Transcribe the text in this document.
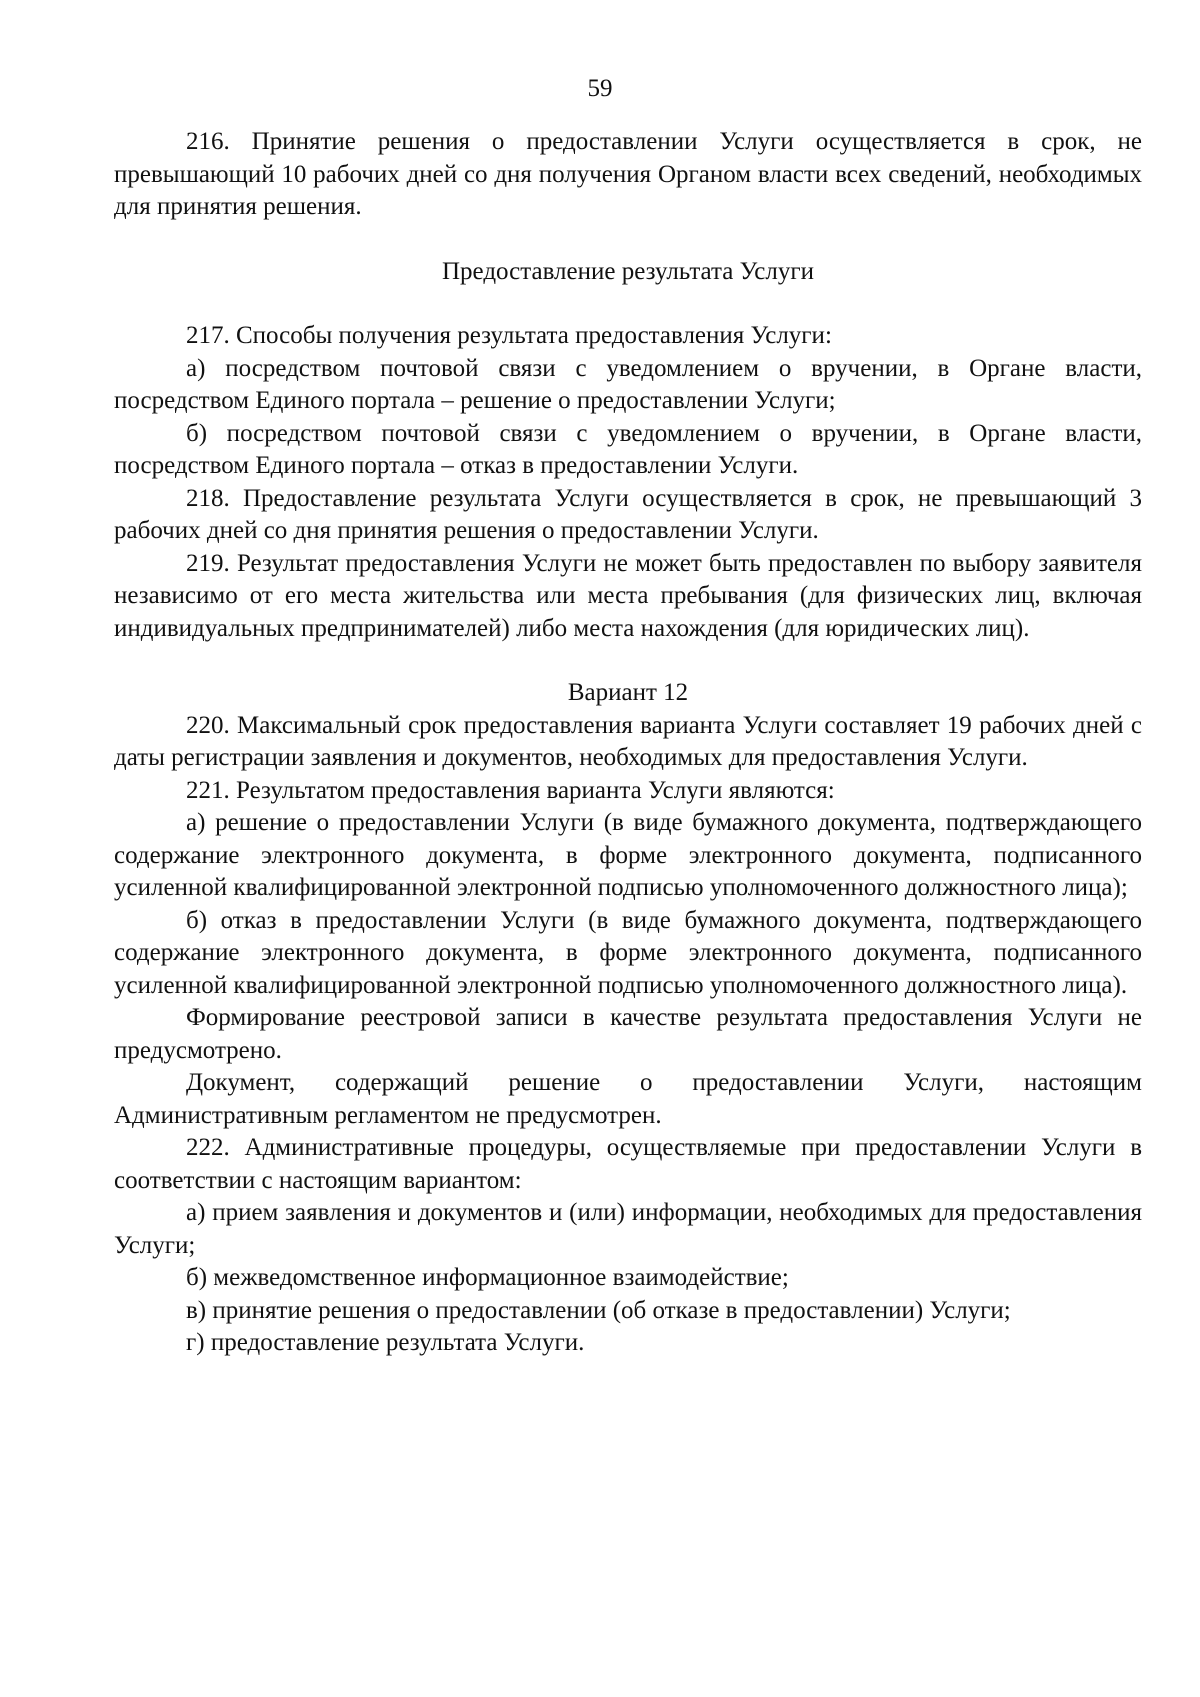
59

216. Принятие решения о предоставлении Услуги осуществляется в срок, не превышающий 10 рабочих дней со дня получения Органом власти всех сведений, необходимых для принятия решения.

Предоставление результата Услуги

217. Способы получения результата предоставления Услуги:

а) посредством почтовой связи с уведомлением о вручении, в Органе власти, посредством Единого портала – решение о предоставлении Услуги;

б) посредством почтовой связи с уведомлением о вручении, в Органе власти, посредством Единого портала – отказ в предоставлении Услуги.

218. Предоставление результата Услуги осуществляется в срок, не превышающий 3 рабочих дней со дня принятия решения о предоставлении Услуги.

219. Результат предоставления Услуги не может быть предоставлен по выбору заявителя независимо от его места жительства или места пребывания (для физических лиц, включая индивидуальных предпринимателей) либо места нахождения (для юридических лиц).

Вариант 12

220. Максимальный срок предоставления варианта Услуги составляет 19 рабочих дней с даты регистрации заявления и документов, необходимых для предоставления Услуги.

221. Результатом предоставления варианта Услуги являются:

а) решение о предоставлении Услуги (в виде бумажного документа, подтверждающего содержание электронного документа, в форме электронного документа, подписанного усиленной квалифицированной электронной подписью уполномоченного должностного лица);

б) отказ в предоставлении Услуги (в виде бумажного документа, подтверждающего содержание электронного документа, в форме электронного документа, подписанного усиленной квалифицированной электронной подписью уполномоченного должностного лица).

Формирование реестровой записи в качестве результата предоставления Услуги не предусмотрено.

Документ, содержащий решение о предоставлении Услуги, настоящим Административным регламентом не предусмотрен.

222. Административные процедуры, осуществляемые при предоставлении Услуги в соответствии с настоящим вариантом:

а) прием заявления и документов и (или) информации, необходимых для предоставления Услуги;

б) межведомственное информационное взаимодействие;

в) принятие решения о предоставлении (об отказе в предоставлении) Услуги;

г) предоставление результата Услуги.
